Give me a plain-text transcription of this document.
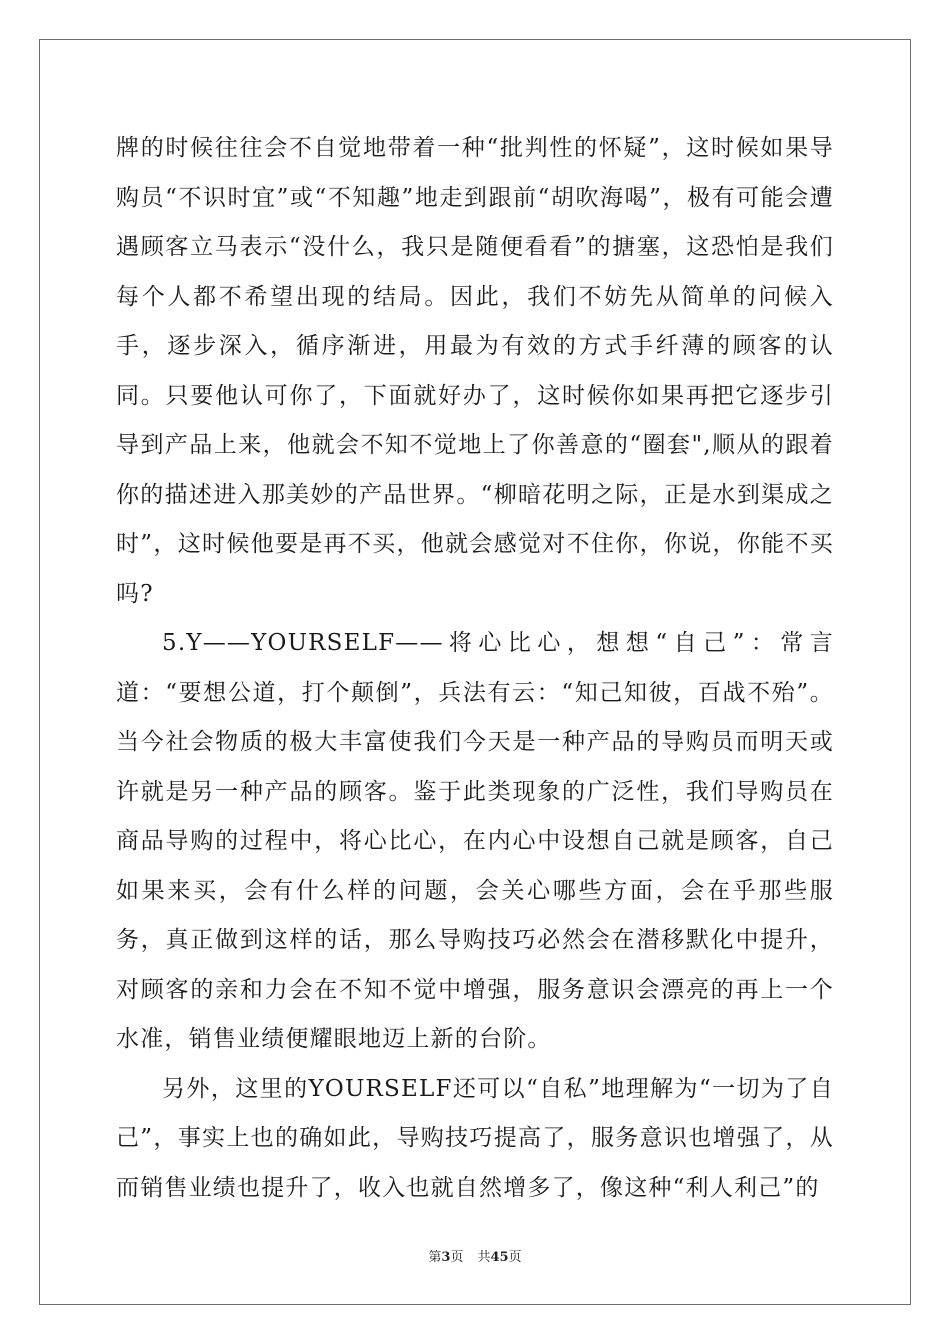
牌的时候往往会不自觉地带着一种“批判性的怀疑”，这时候如果导购员“不识时宜”或“不知趣”地走到跟前“胡吹海喝”，极有可能会遭遇顾客立马表示“没什么，我只是随便看看”的搪塞，这恐怕是我们每个人都不希望出现的结局。因此，我们不妨先从简单的问候入手，逐步深入，循序渐进，用最为有效的方式手纤薄的顾客的认同。只要他认可你了，下面就好办了，这时候你如果再把它逐步引导到产品上来，他就会不知不觉地上了你善意的“圈套",顺从的跟着你的描述进入那美妙的产品世界。“柳暗花明之际，正是水到渠成之时”，这时候他要是再不买，他就会感觉对不住你，你说，你能不买吗?

5.Y——YOURSELF——将心比心，想想“自己”：常言道：“要想公道，打个颠倒”，兵法有云：“知己知彼，百战不殆”。当今社会物质的极大丰富使我们今天是一种产品的导购员而明天或许就是另一种产品的顾客。鉴于此类现象的广泛性，我们导购员在商品导购的过程中，将心比心，在内心中设想自己就是顾客，自己如果来买，会有什么样的问题，会关心哪些方面，会在乎那些服务，真正做到这样的话，那么导购技巧必然会在潜移默化中提升，对顾客的亲和力会在不知不觉中增强，服务意识会漂亮的再上一个水准，销售业绩便耀眼地迈上新的台阶。

另外，这里的YOURSELF还可以“自私”地理解为“一切为了自己”，事实上也的确如此，导购技巧提高了，服务意识也增强了，从而销售业绩也提升了，收入也就自然增多了，像这种“利人利己”的

第3页 共45页
